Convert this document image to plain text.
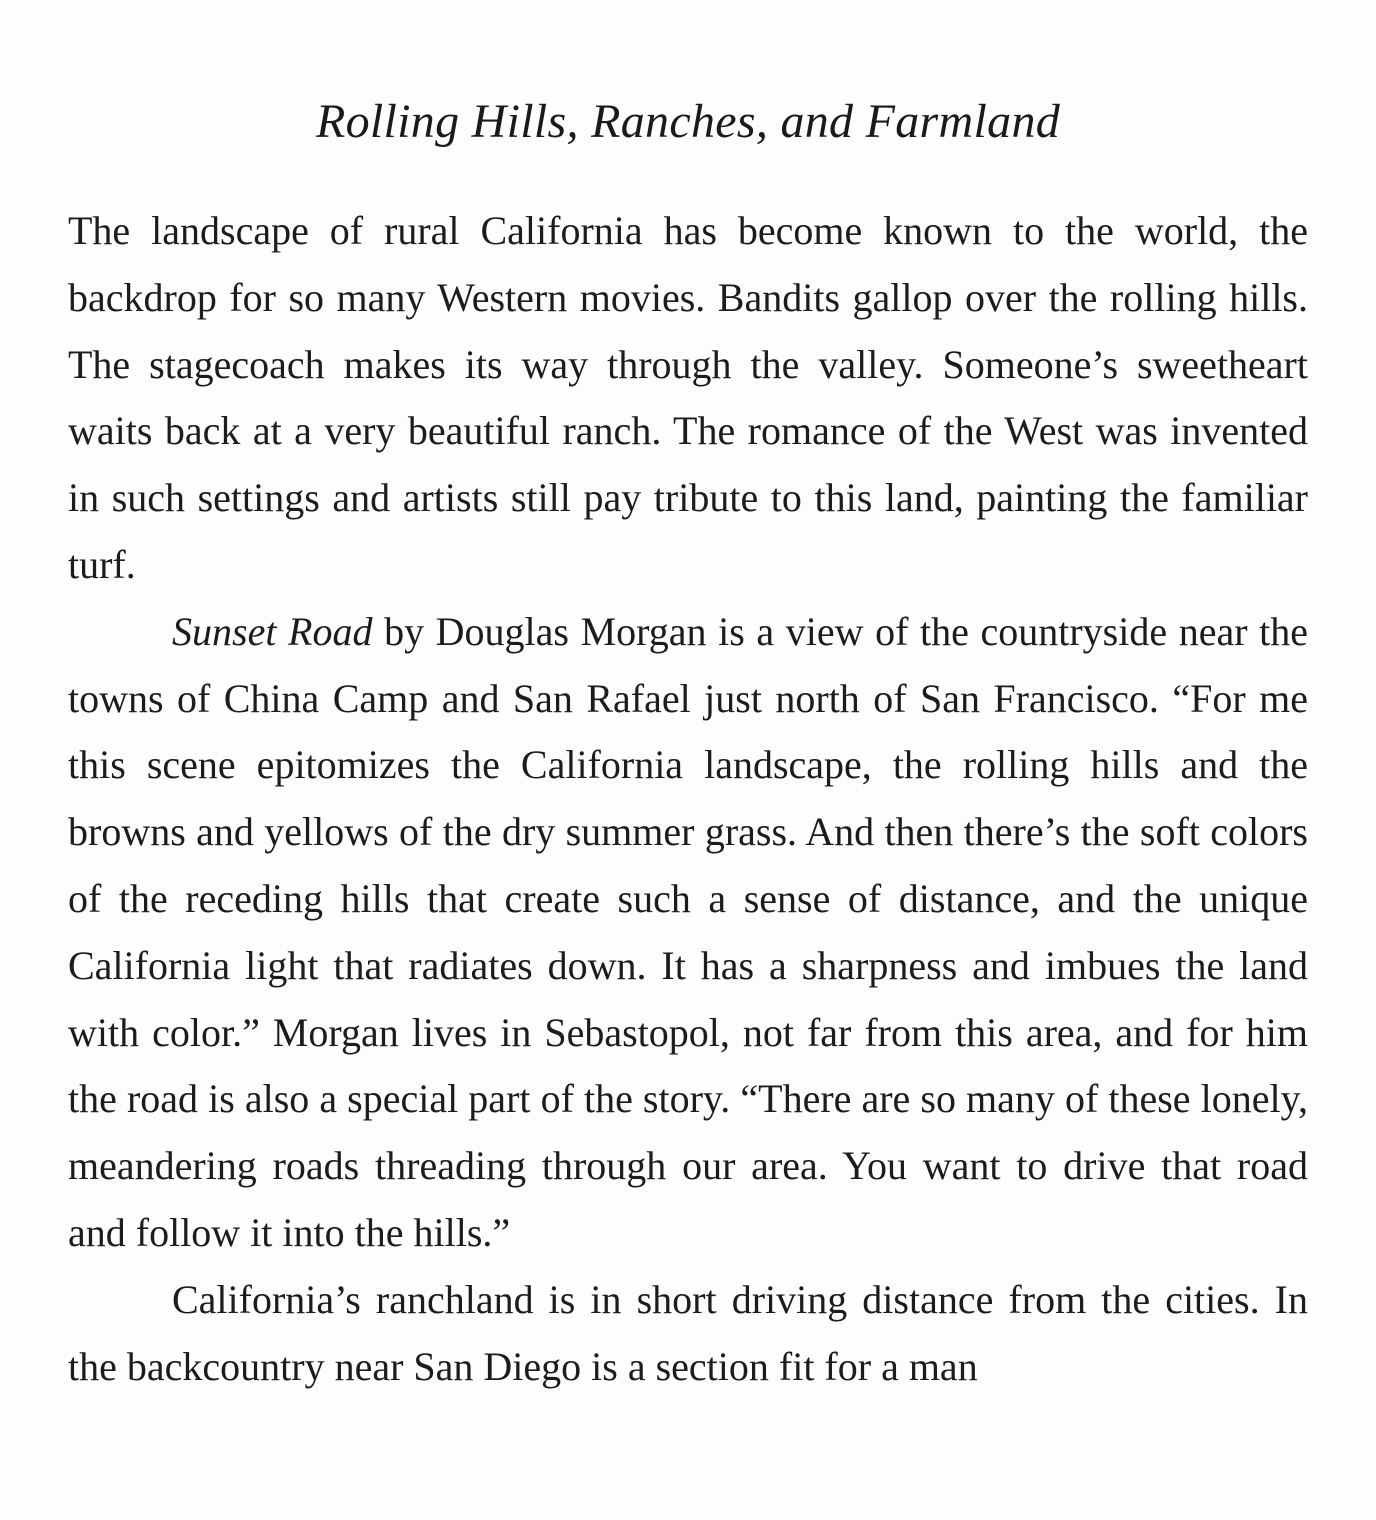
Rolling Hills, Ranches, and Farmland

The landscape of rural California has become known to the world, the backdrop for so many Western movies. Bandits gallop over the rolling hills. The stagecoach makes its way through the valley. Someone’s sweetheart waits back at a very beautiful ranch. The romance of the West was invented in such settings and artists still pay tribute to this land, painting the familiar turf.

Sunset Road by Douglas Morgan is a view of the countryside near the towns of China Camp and San Rafael just north of San Francisco. “For me this scene epitomizes the California landscape, the rolling hills and the browns and yellows of the dry summer grass. And then there’s the soft colors of the receding hills that create such a sense of distance, and the unique California light that radiates down. It has a sharpness and imbues the land with color.” Morgan lives in Sebastopol, not far from this area, and for him the road is also a special part of the story. “There are so many of these lonely, meandering roads threading through our area. You want to drive that road and follow it into the hills.”

California’s ranchland is in short driving distance from the cities. In the backcountry near San Diego is a section fit for a man
